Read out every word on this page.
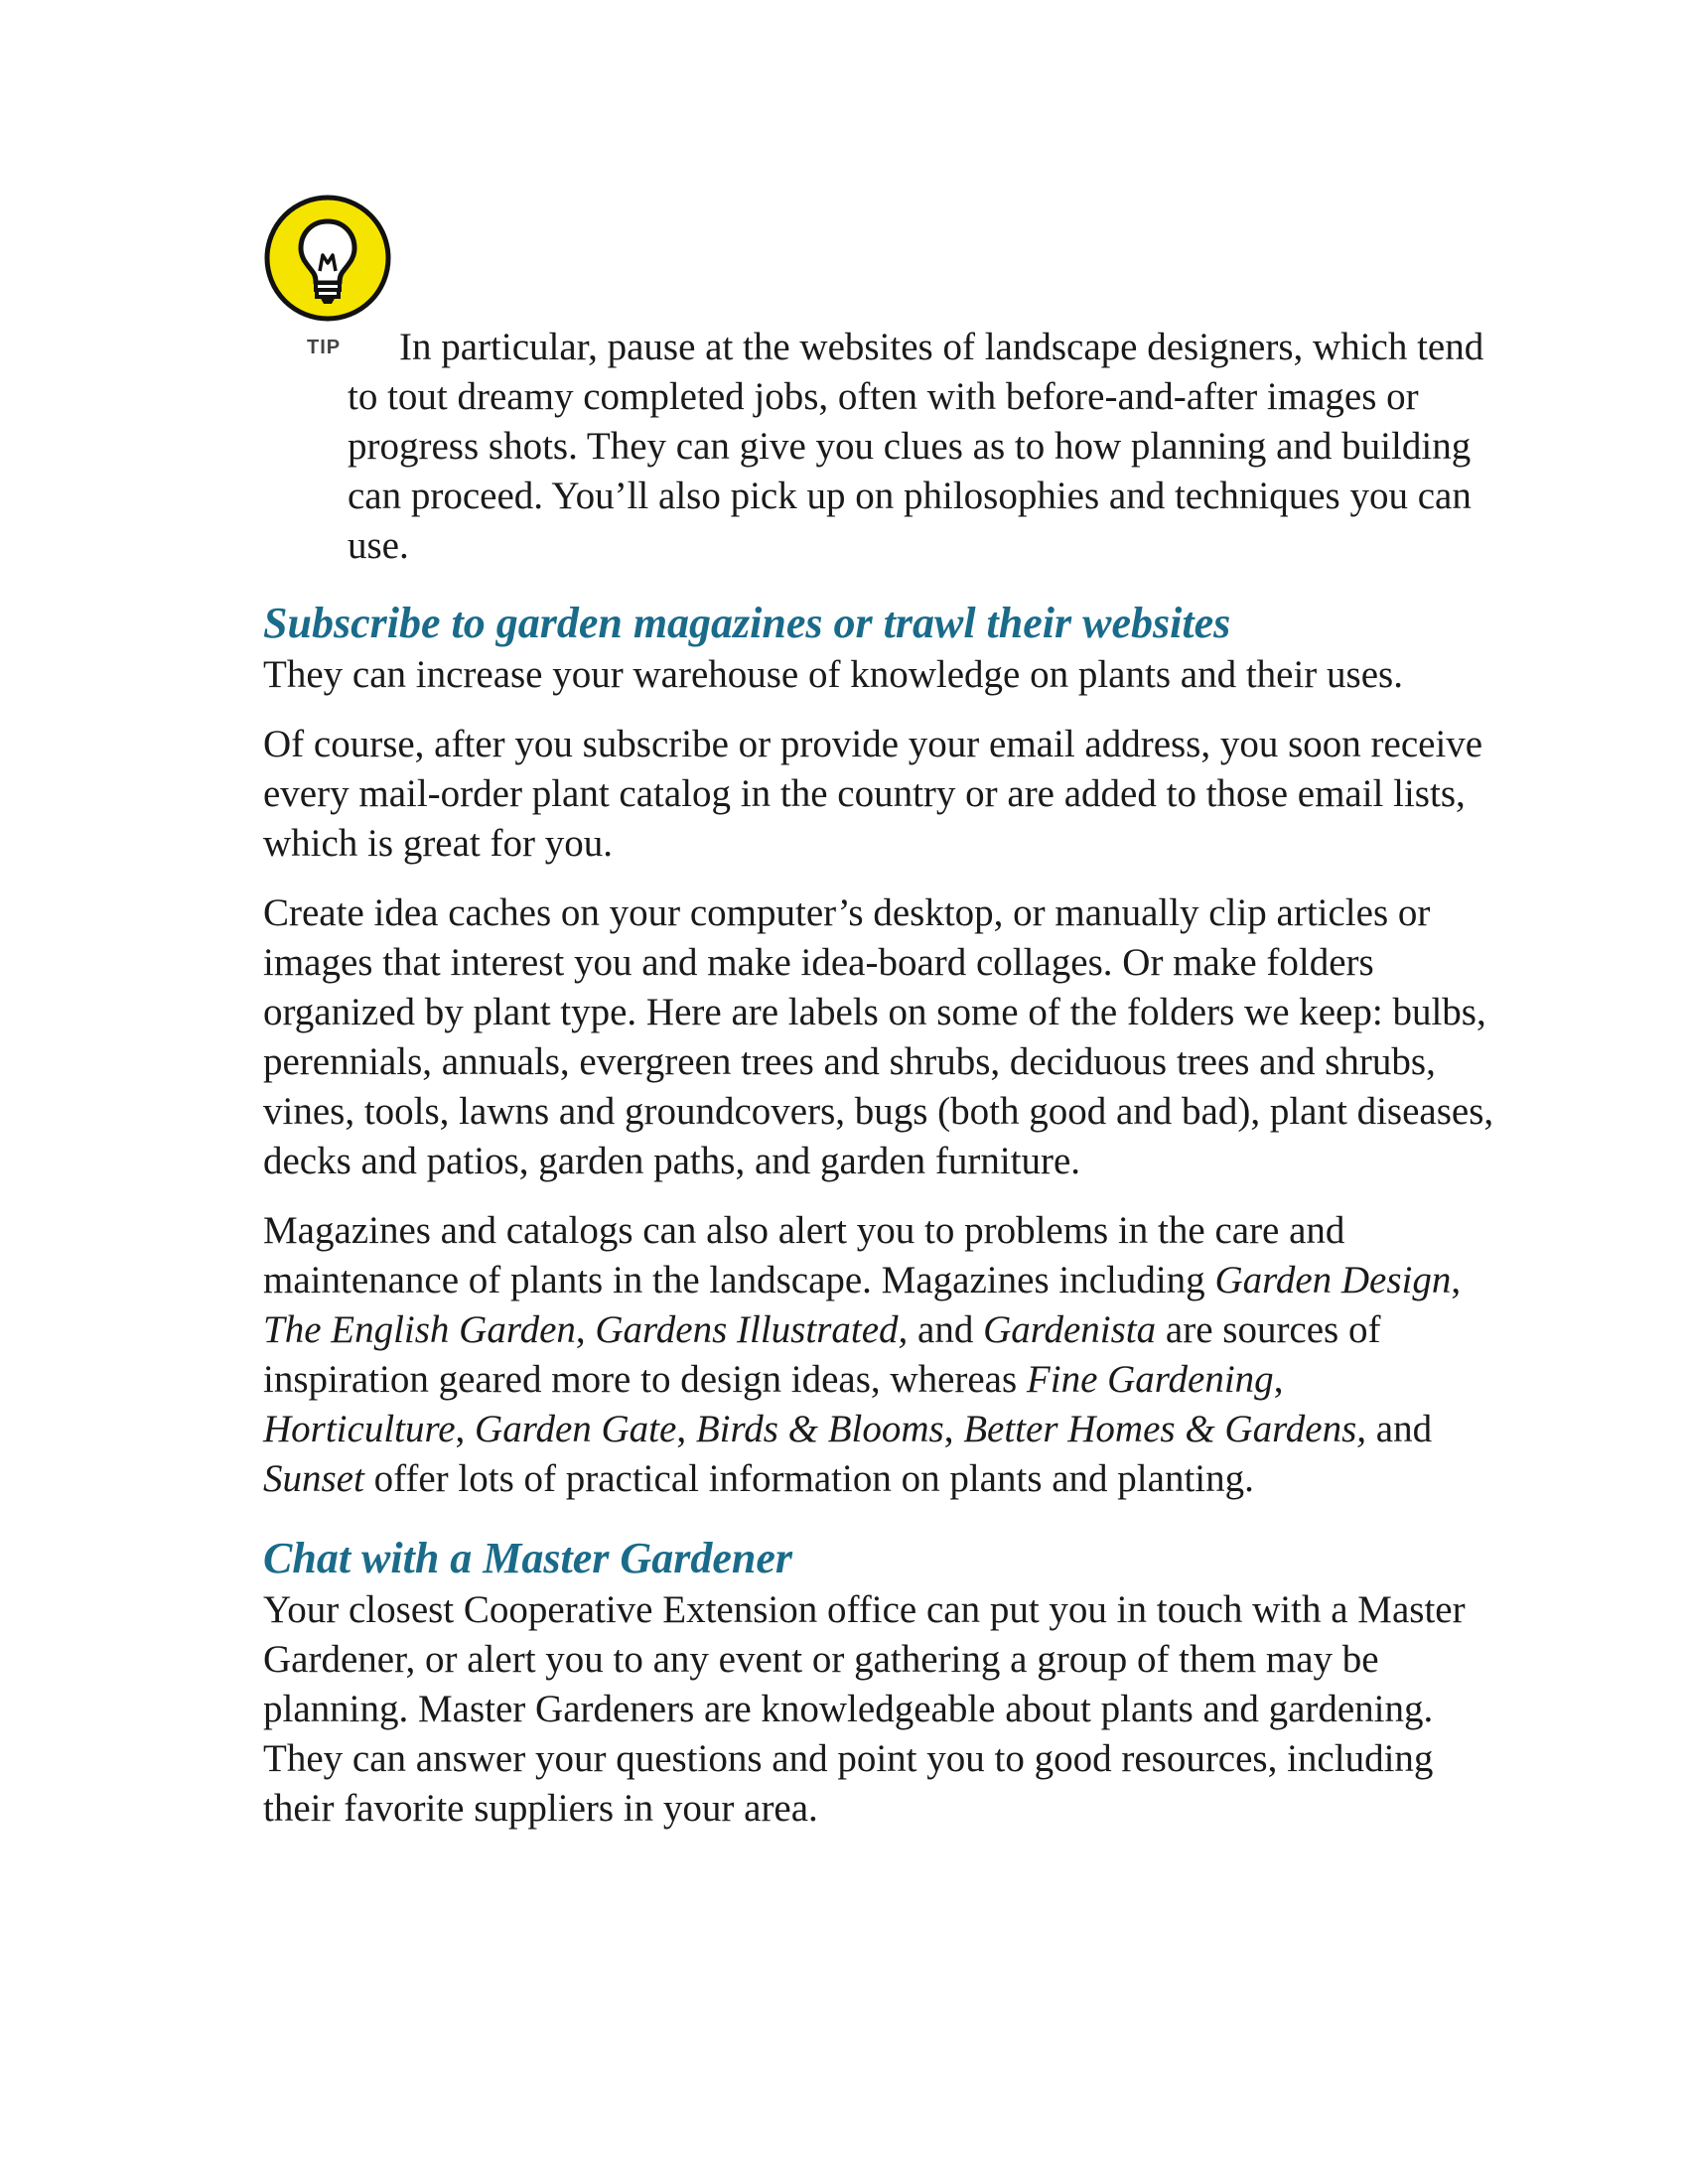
TIP	In particular, pause at the websites of landscape designers, which tend to tout dreamy completed jobs, often with before-and-after images or progress shots. They can give you clues as to how planning and building can proceed. You’ll also pick up on philosophies and techniques you can use.

Subscribe to garden magazines or trawl their websites

They can increase your warehouse of knowledge on plants and their uses.

Of course, after you subscribe or provide your email address, you soon receive every mail-order plant catalog in the country or are added to those email lists, which is great for you.

Create idea caches on your computer’s desktop, or manually clip articles or images that interest you and make idea-board collages. Or make folders organized by plant type. Here are labels on some of the folders we keep: bulbs, perennials, annuals, evergreen trees and shrubs, deciduous trees and shrubs, vines, tools, lawns and groundcovers, bugs (both good and bad), plant diseases, decks and patios, garden paths, and garden furniture.

Magazines and catalogs can also alert you to problems in the care and maintenance of plants in the landscape. Magazines including Garden Design, The English Garden, Gardens Illustrated, and Gardenista are sources of inspiration geared more to design ideas, whereas Fine Gardening, Horticulture, Garden Gate, Birds & Blooms, Better Homes & Gardens, and Sunset offer lots of practical information on plants and planting.

Chat with a Master Gardener

Your closest Cooperative Extension office can put you in touch with a Master Gardener, or alert you to any event or gathering a group of them may be planning. Master Gardeners are knowledgeable about plants and gardening. They can answer your questions and point you to good resources, including their favorite suppliers in your area.
